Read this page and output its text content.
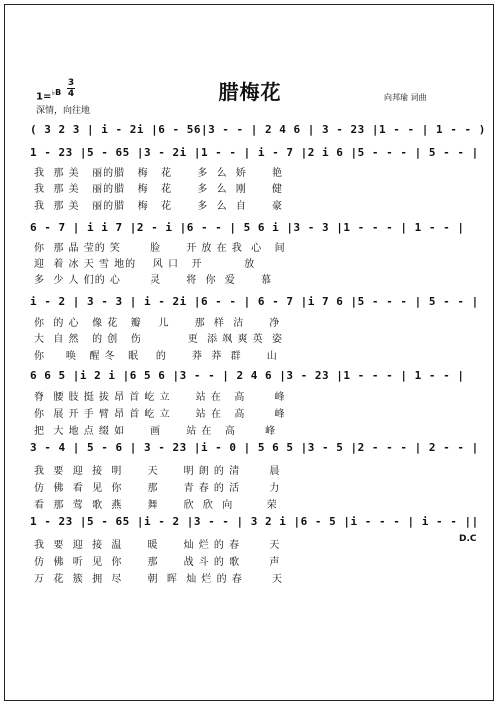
腊梅花
1=$^{♭B}$
3
4
深情，向往地
向邦瑜 词曲
( 3 2 3 | i - 2i |6 - 56|3 - - | 2 4 6 | 3 - 23 |1 - - | 1 - - )
1 - 23 |5 - 65 |3 - 2i |1 - - | i - 7 |2 i 6 |5 - - - | 5 - - |
我  那 美   丽的腊   梅   花      多  么  娇      艳
我  那 美   丽的腊   梅   花      多  么  刚      健
我  那 美   丽的腊   梅   花      多  么  自      豪
6 - 7 | i i 7 |2 - i |6 - - | 5 6 i |3 - 3 |1 - - - | 1 - - |
你  那 晶 莹的 笑       脸      开 放 在 我  心   间
迎  着 冰 天 雪 地的    风 口   开          放
多  少 人 们的 心       灵      将  你  爱      慕
i - 2 | 3 - 3 | i - 2i |6 - - | 6 - 7 |i 7 6 |5 - - - | 5 - - |
你  的 心   像 花   瓣    儿      那  样  洁      净
大  自 然   的 创   伤           更  添 飒 爽 英  姿
你     唤   醒 冬   眠    的      莽  莽  群      山
6 6 5 |i 2 i |6 5 6 |3 - - | 2 4 6 |3 - 23 |1 - - - | 1 - - |
脊  腰 肢 挺 拔 昂 首 屹 立      站 在   高       峰
你  展 开 手 臂 昂 首 屹 立      站 在   高       峰
把  大 地 点 缀 如      画      站 在   高       峰
3 - 4 | 5 - 6 | 3 - 23 |i - 0 | 5 6 5 |3 - 5 |2 - - - | 2 - - |
我  要  迎  接  明      天      明 朗 的 清       晨
仿  佛  看  见  你      那      青 春 的 活       力
看  那  莺  歌  燕      舞      欣  欣  向        荣
1 - 23 |5 - 65 |i - 2 |3 - - | 3 2 i |6 - 5 |i - - - | i - - ||
我  要  迎  接  温      暖      灿 烂 的 春       天
仿  佛  听  见  你      那      战 斗 的 歌       声
万  花  簇  拥  尽      朝  晖  灿 烂 的 春       天
D.C
